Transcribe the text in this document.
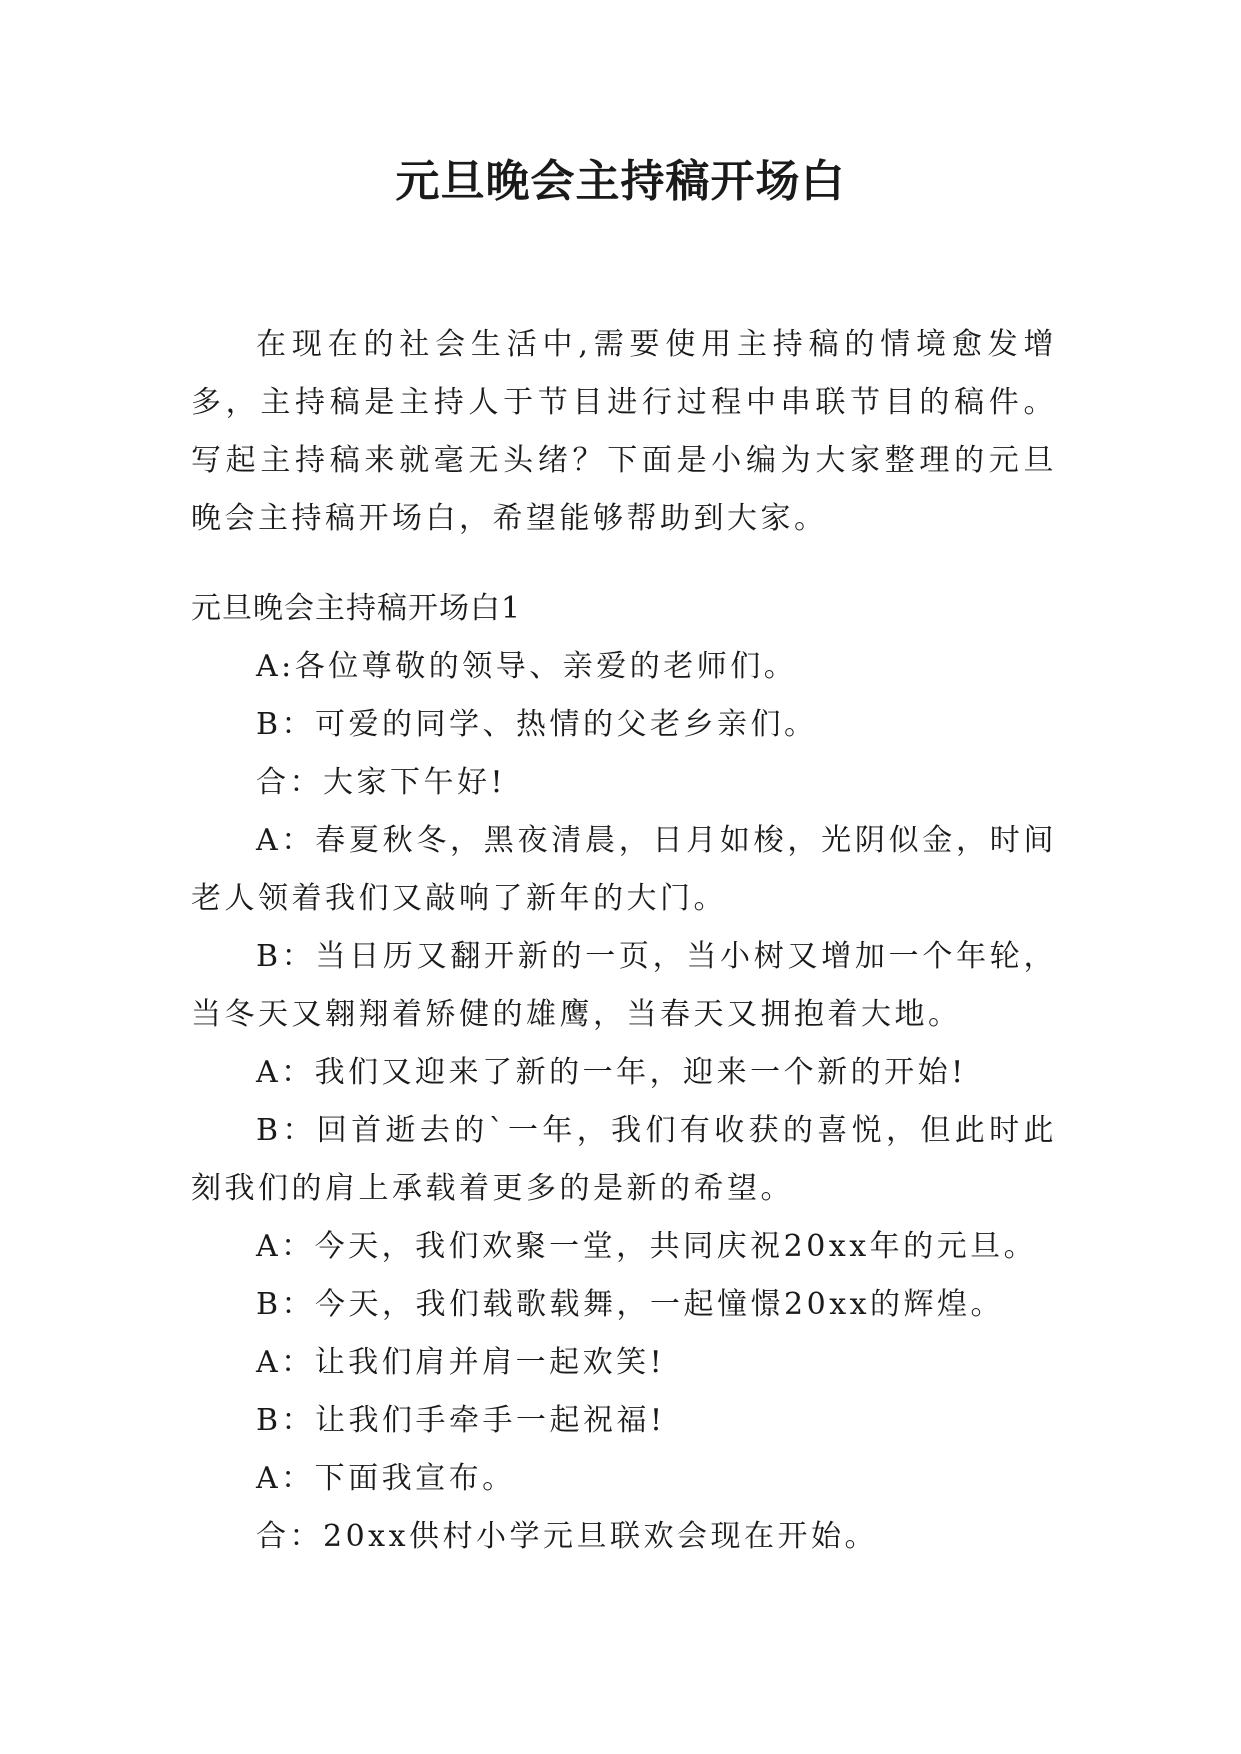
元旦晚会主持稿开场白

在现在的社会生活中,需要使用主持稿的情境愈发增多，主持稿是主持人于节目进行过程中串联节目的稿件。写起主持稿来就毫无头绪？下面是小编为大家整理的元旦晚会主持稿开场白，希望能够帮助到大家。

元旦晚会主持稿开场白1

A:各位尊敬的领导、亲爱的老师们。

B：可爱的同学、热情的父老乡亲们。

合：大家下午好!

A：春夏秋冬，黑夜清晨，日月如梭，光阴似金，时间老人领着我们又敲响了新年的大门。

B：当日历又翻开新的一页，当小树又增加一个年轮，当冬天又翱翔着矫健的雄鹰，当春天又拥抱着大地。

A：我们又迎来了新的一年，迎来一个新的开始!

B：回首逝去的`一年，我们有收获的喜悦，但此时此刻我们的肩上承载着更多的是新的希望。

A：今天，我们欢聚一堂，共同庆祝20xx年的元旦。

B：今天，我们载歌载舞，一起憧憬20xx的辉煌。

A：让我们肩并肩一起欢笑!

B：让我们手牵手一起祝福!

A：下面我宣布。

合：20xx供村小学元旦联欢会现在开始。
